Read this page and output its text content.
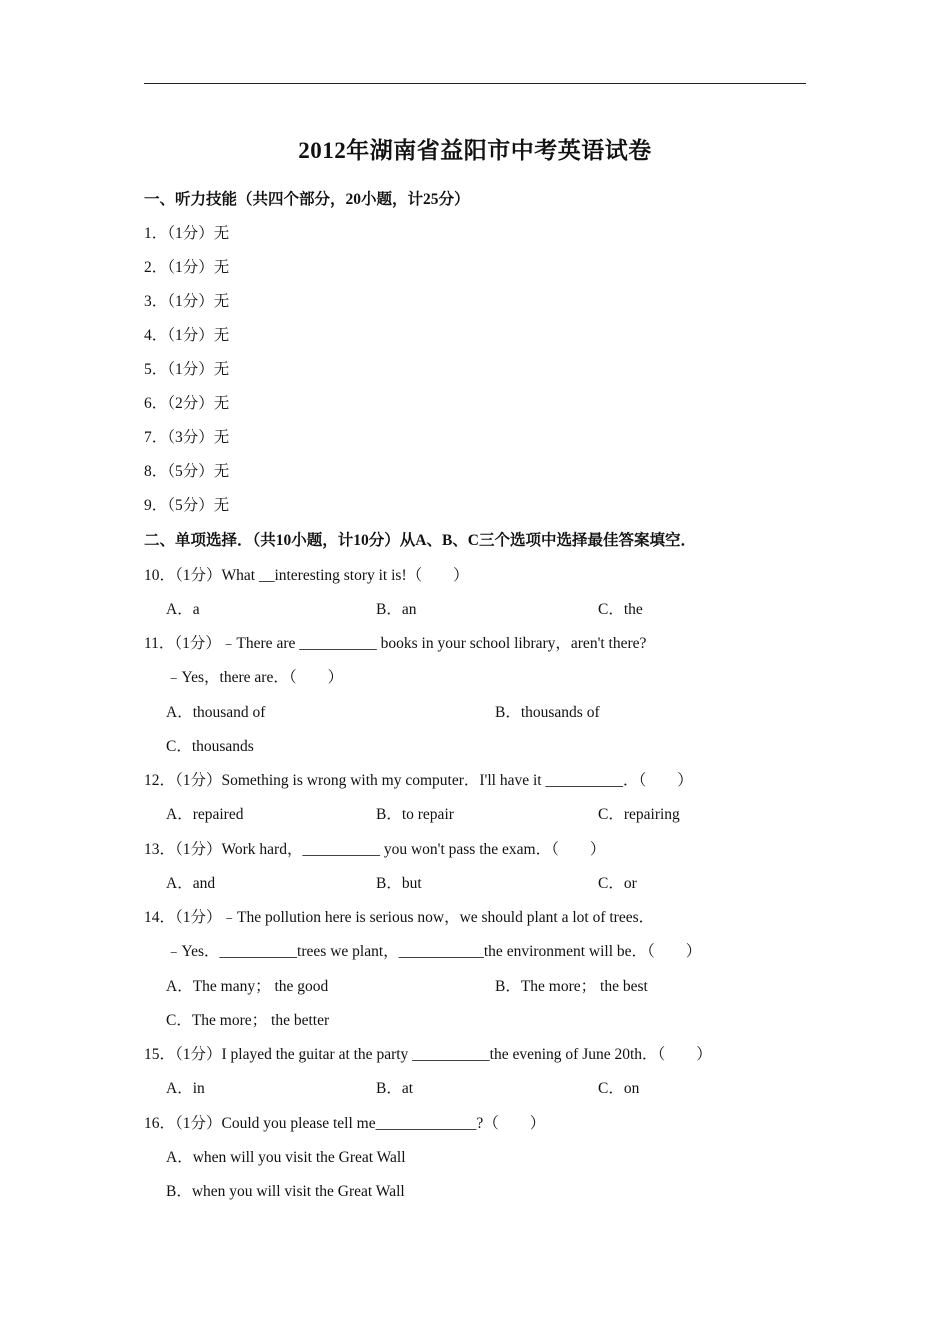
2012年湖南省益阳市中考英语试卷
一、听力技能（共四个部分，20小题，计25分）
1．（1分）无
2．（1分）无
3．（1分）无
4．（1分）无
5．（1分）无
6．（2分）无
7．（3分）无
8．（5分）无
9．（5分）无
二、单项选择．（共10小题，计10分）从A、B、C三个选项中选择最佳答案填空．
10．（1分）What __interesting story it is!（　　）
A．a	B．an	C．the
11．（1分）﹣There are __________ books in your school library，aren't there?
﹣Yes，there are．（　　）
A．thousand of	B．thousands of
C．thousands
12．（1分）Something is wrong with my computer．I'll have it __________．（　　）
A．repaired	B．to repair	C．repairing
13．（1分）Work hard，__________ you won't pass the exam．（　　）
A．and	B．but	C．or
14．（1分）﹣The pollution here is serious now，we should plant a lot of trees．
﹣Yes．__________trees we plant，___________the environment will be．（　　）
A．The many； the good	B．The more； the best
C．The more； the better
15．（1分）I played the guitar at the party __________the evening of June 20th．（　　）
A．in	B．at	C．on
16．（1分）Could you please tell me_____________?（　　）
A．when will you visit the Great Wall
B．when you will visit the Great Wall
